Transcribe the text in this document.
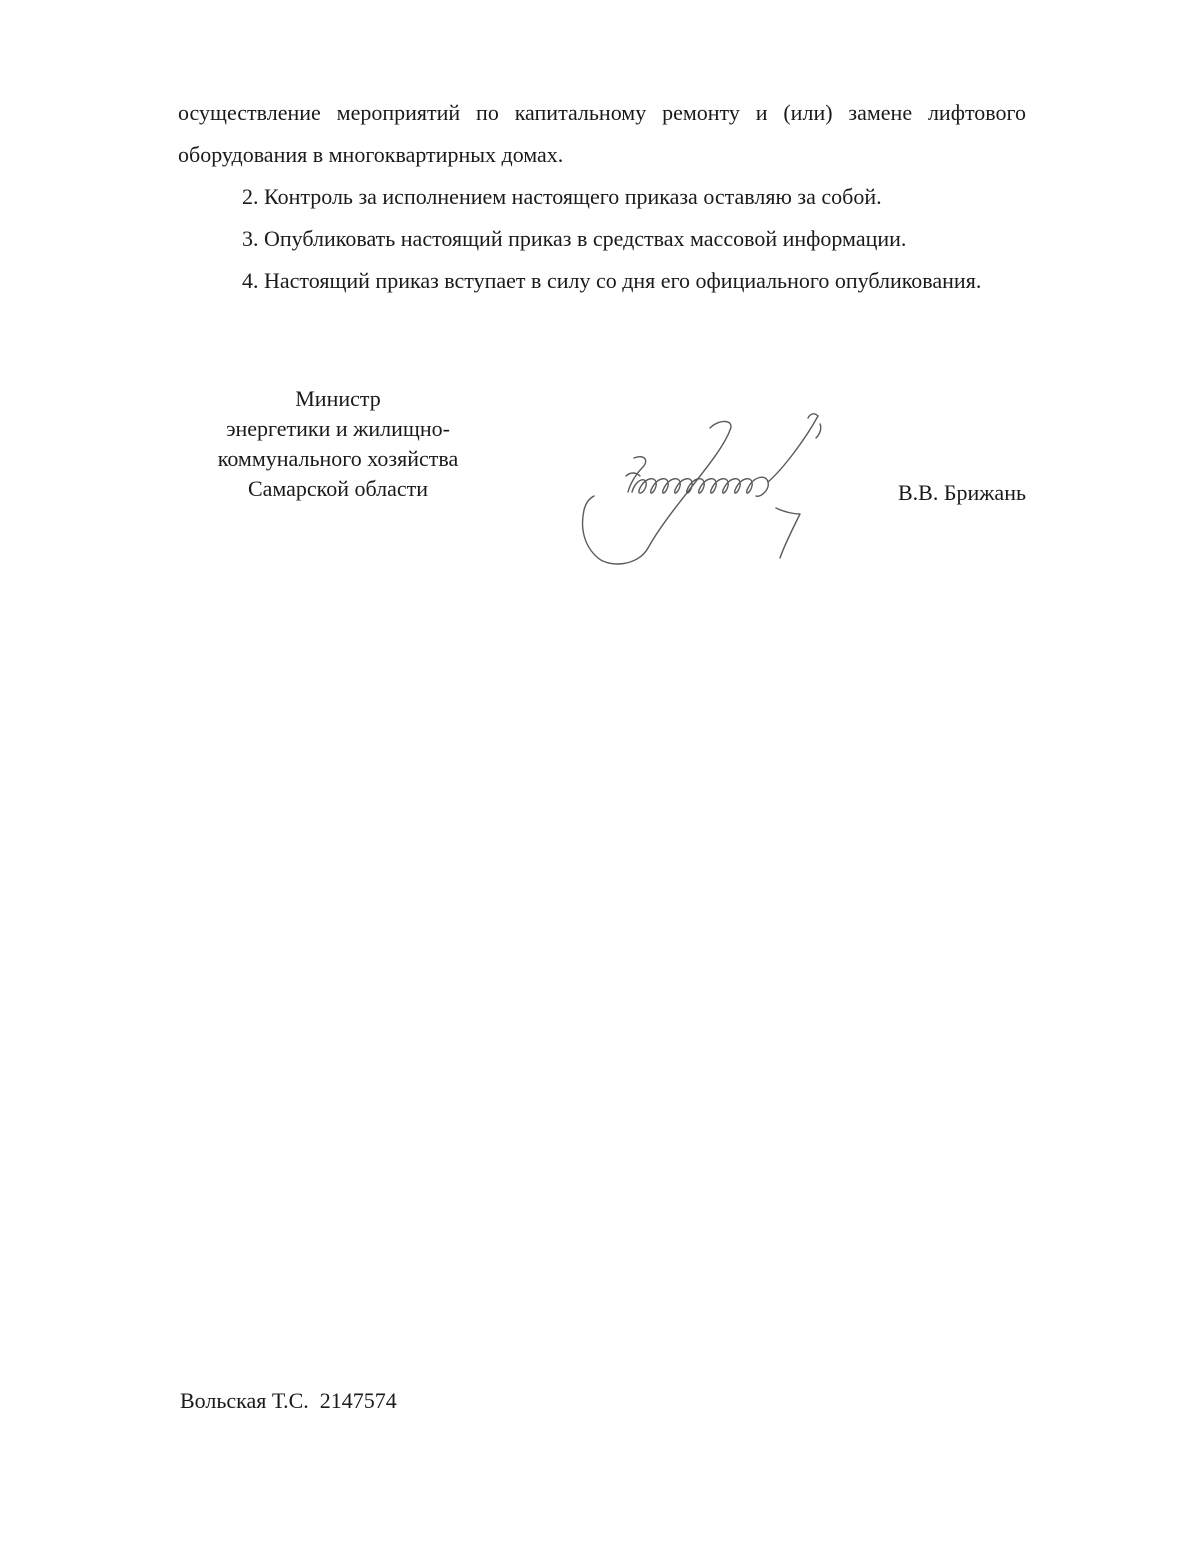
осуществление мероприятий по капитальному ремонту и (или) замене лифтового оборудования в многоквартирных домах.

2. Контроль за исполнением настоящего приказа оставляю за собой.

3. Опубликовать настоящий приказ в средствах массовой информации.

4. Настоящий приказ вступает в силу со дня его официального опубликования.

Министр
энергетики и жилищно-
коммунального хозяйства
Самарской области	В.В. Брижань
Вольская Т.С.  2147574
